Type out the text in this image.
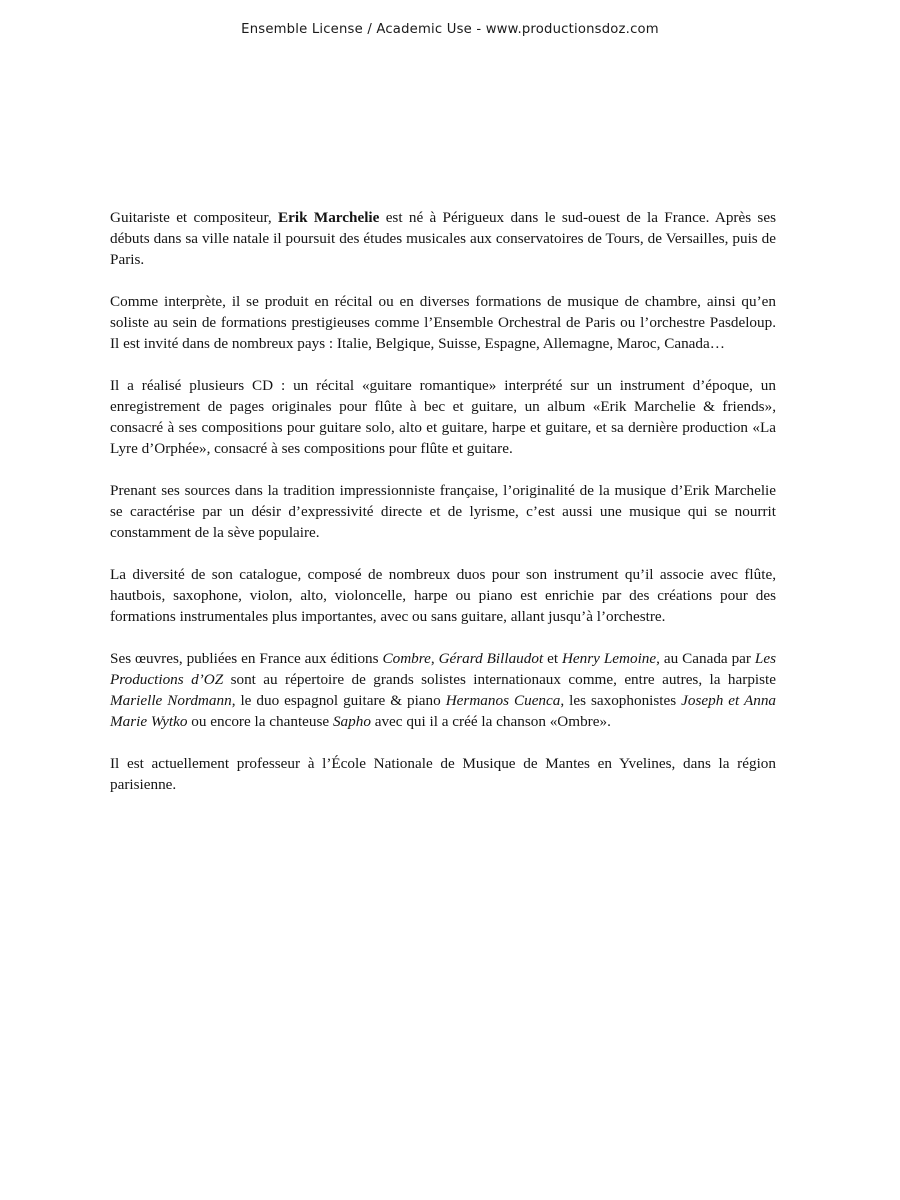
Ensemble License / Academic Use - www.productionsdoz.com

Guitariste et compositeur, Erik Marchelie est né à Périgueux dans le sud-ouest de la France. Après ses débuts dans sa ville natale il poursuit des études musicales aux conservatoires de Tours, de Versailles, puis de Paris.

Comme interprète, il se produit en récital ou en diverses formations de musique de chambre, ainsi qu’en soliste au sein de formations prestigieuses comme l’Ensemble Orchestral de Paris ou l’orchestre Pasdeloup. Il est invité dans de nombreux pays : Italie, Belgique, Suisse, Espagne, Allemagne, Maroc, Canada…

Il a réalisé plusieurs CD : un récital «guitare romantique» interprété sur un instrument d’époque, un enregistrement de pages originales pour flûte à bec et guitare, un album «Erik Marchelie & friends», consacré à ses compositions pour guitare solo, alto et guitare, harpe et guitare, et sa dernière production «La Lyre d’Orphée», consacré à ses compositions pour flûte et guitare.

Prenant ses sources dans la tradition impressionniste française, l’originalité de la musique d’Erik Marchelie se caractérise par un désir d’expressivité directe et de lyrisme, c’est aussi une musique qui se nourrit constamment de la sève populaire.

La diversité de son catalogue, composé de nombreux duos pour son instrument qu’il associe avec flûte, hautbois, saxophone, violon, alto, violoncelle, harpe ou piano est enrichie par des créations pour des formations instrumentales plus importantes, avec ou sans guitare, allant jusqu’à l’orchestre.

Ses œuvres, publiées en France aux éditions Combre, Gérard Billaudot et Henry Lemoine, au Canada par Les Productions d’OZ sont au répertoire de grands solistes internationaux comme, entre autres, la harpiste Marielle Nordmann, le duo espagnol guitare & piano Hermanos Cuenca, les saxophonistes Joseph et Anna Marie Wytko ou encore la chanteuse Sapho avec qui il a créé la chanson «Ombre».

Il est actuellement professeur à l’École Nationale de Musique de Mantes en Yvelines, dans la région parisienne.
